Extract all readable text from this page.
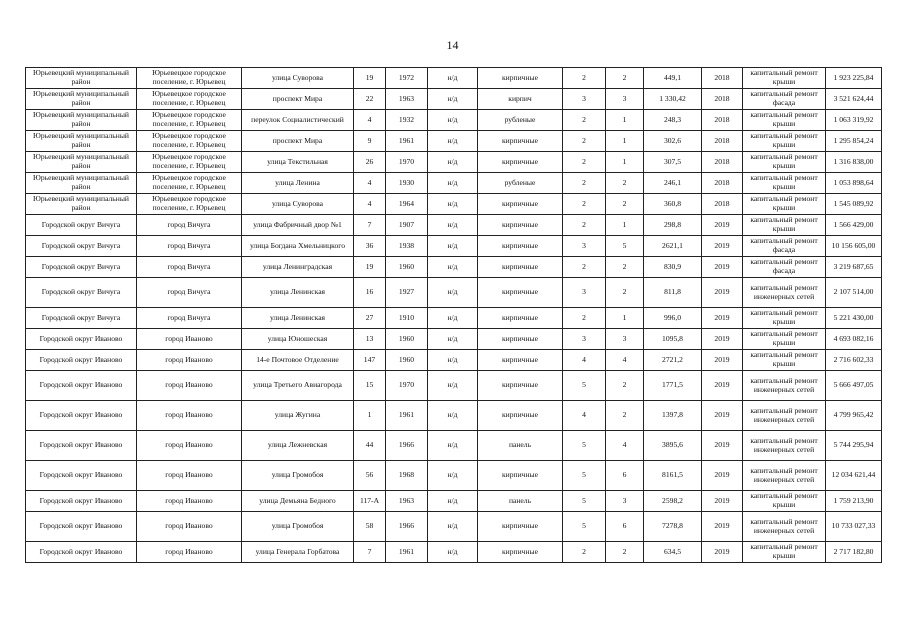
14
Юрьевецкий муниципальный район	Юрьевецкое городское поселение, г. Юрьевец	улица Суворова	19	1972	н/д	кирпичные	2	2	449,1	2018	капитальный ремонт крыши	1 923 225,84
Юрьевецкий муниципальный район	Юрьевецкое городское поселение, г. Юрьевец	проспект Мира	22	1963	н/д	кирпич	3	3	1 330,42	2018	капитальный ремонт фасада	3 521 624,44
Юрьевецкий муниципальный район	Юрьевецкое городское поселение, г. Юрьевец	переулок Социалистический	4	1932	н/д	рубленые	2	1	248,3	2018	капитальный ремонт крыши	1 063 319,92
Юрьевецкий муниципальный район	Юрьевецкое городское поселение, г. Юрьевец	проспект Мира	9	1961	н/д	кирпичные	2	1	302,6	2018	капитальный ремонт крыши	1 295 854,24
Юрьевецкий муниципальный район	Юрьевецкое городское поселение, г. Юрьевец	улица Текстильная	26	1970	н/д	кирпичные	2	1	307,5	2018	капитальный ремонт крыши	1 316 838,00
Юрьевецкий муниципальный район	Юрьевецкое городское поселение, г. Юрьевец	улица Ленина	4	1930	н/д	рубленые	2	2	246,1	2018	капитальный ремонт крыши	1 053 898,64
Юрьевецкий муниципальный район	Юрьевецкое городское поселение, г. Юрьевец	улица Суворова	4	1964	н/д	кирпичные	2	2	360,8	2018	капитальный ремонт крыши	1 545 089,92
Городской округ Вичуга	город Вичуга	улица Фабричный двор №1	7	1907	н/д	кирпичные	2	1	298,8	2019	капитальный ремонт крыши	1 566 429,00
Городской округ Вичуга	город Вичуга	улица Богдана Хмельницкого	36	1938	н/д	кирпичные	3	5	2621,1	2019	капитальный ремонт фасада	10 156 605,00
Городской округ Вичуга	город Вичуга	улица Ленинградская	19	1960	н/д	кирпичные	2	2	830,9	2019	капитальный ремонт фасада	3 219 687,65
Городской округ Вичуга	город Вичуга	улица Ленинская	16	1927	н/д	кирпичные	3	2	811,8	2019	капитальный ремонт инженерных сетей	2 107 514,00
Городской округ Вичуга	город Вичуга	улица Ленинская	27	1910	н/д	кирпичные	2	1	996,0	2019	капитальный ремонт крыши	5 221 430,00
Городской округ Иваново	город Иваново	улица Юношеская	13	1960	н/д	кирпичные	3	3	1095,8	2019	капитальный ремонт крыши	4 693 082,16
Городской округ Иваново	город Иваново	14-е Почтовое Отделение	147	1960	н/д	кирпичные	4	4	2721,2	2019	капитальный ремонт крыши	2 716 602,33
Городской округ Иваново	город Иваново	улица Третьего Авиагорода	15	1970	н/д	кирпичные	5	2	1771,5	2019	капитальный ремонт инженерных сетей	5 666 497,05
Городской округ Иваново	город Иваново	улица Жугина	1	1961	н/д	кирпичные	4	2	1397,8	2019	капитальный ремонт инженерных сетей	4 799 965,42
Городской округ Иваново	город Иваново	улица Лежневская	44	1966	н/д	панель	5	4	3895,6	2019	капитальный ремонт инженерных сетей	5 744 295,94
Городской округ Иваново	город Иваново	улица Громобоя	56	1968	н/д	кирпичные	5	6	8161,5	2019	капитальный ремонт инженерных сетей	12 034 621,44
Городской округ Иваново	город Иваново	улица Демьяна Бедного	117-А	1963	н/д	панель	5	3	2598,2	2019	капитальный ремонт крыши	1 759 213,90
Городской округ Иваново	город Иваново	улица Громобоя	58	1966	н/д	кирпичные	5	6	7278,8	2019	капитальный ремонт инженерных сетей	10 733 027,33
Городской округ Иваново	город Иваново	улица Генерала Горбатова	7	1961	н/д	кирпичные	2	2	634,5	2019	капитальный ремонт крыши	2 717 182,80
